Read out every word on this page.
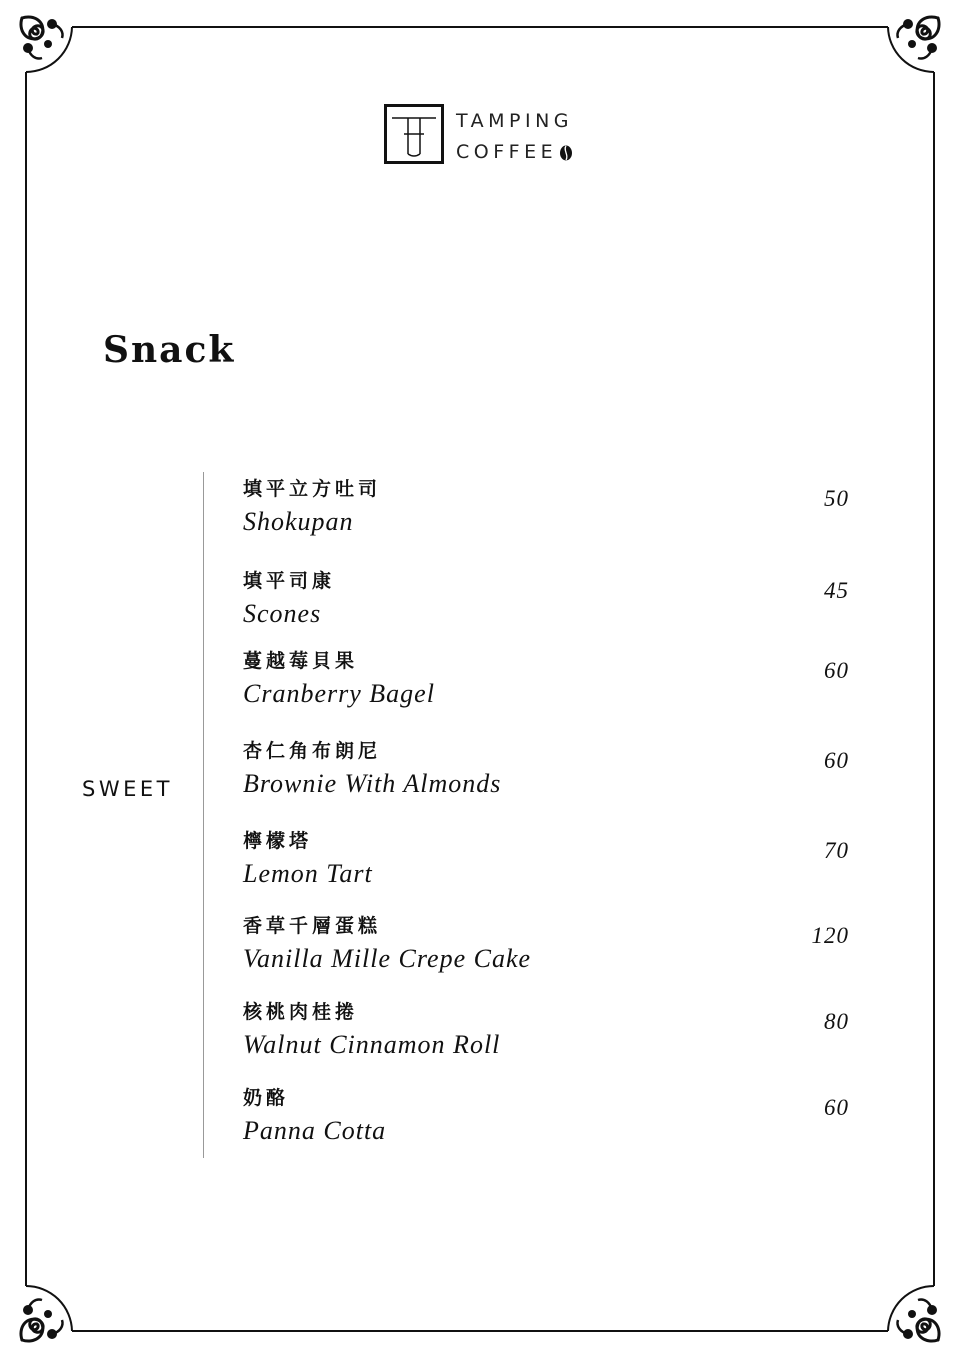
TAMPING
COFFEE
Snack
SWEET
填平立方吐司
Shokupan
50
填平司康
Scones
45
蔓越莓貝果
Cranberry Bagel
60
杏仁角布朗尼
Brownie With Almonds
60
檸檬塔
Lemon Tart
70
香草千層蛋糕
Vanilla Mille Crepe Cake
120
核桃肉桂捲
Walnut Cinnamon Roll
80
奶酪
Panna Cotta
60
